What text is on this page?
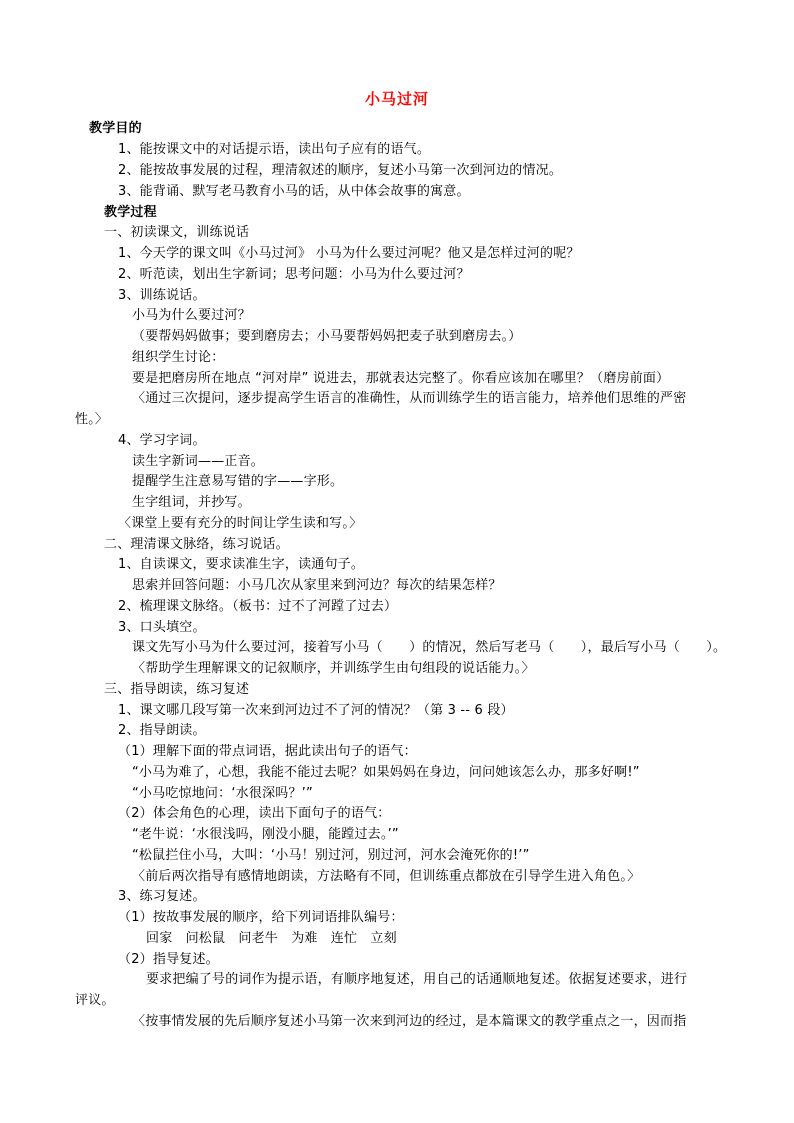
小马过河
教学目的
1、能按课文中的对话提示语，读出句子应有的语气。
2、能按故事发展的过程，理清叙述的顺序，复述小马第一次到河边的情况。
3、能背诵、默写老马教育小马的话，从中体会故事的寓意。
教学过程
一、初读课文，训练说话
1、今天学的课文叫《小马过河》 小马为什么要过河呢？他又是怎样过河的呢？
2、听范读，划出生字新词；思考问题：小马为什么要过河？
3、训练说话。
小马为什么要过河？
（要帮妈妈做事；要到磨房去；小马要帮妈妈把麦子驮到磨房去。）
组织学生讨论：
要是把磨房所在地点 “河对岸” 说进去，那就表达完整了。你看应该加在哪里？（磨房前面）
〈通过三次提问，逐步提高学生语言的准确性，从而训练学生的语言能力，培养他们思维的严密
性。〉
4、学习字词。
读生字新词——正音。
提醒学生注意易写错的字——字形。
生字组词，并抄写。
〈课堂上要有充分的时间让学生读和写。〉
二、理清课文脉络，练习说话。
1、自读课文，要求读准生字，读通句子。
思索并回答问题：小马几次从家里来到河边？每次的结果怎样？
2、梳理课文脉络。（板书：过不了河蹚了过去）
3、口头填空。
课文先写小马为什么要过河，接着写小马（　　）的情况，然后写老马（　　），最后写小马（　　）。
〈帮助学生理解课文的记叙顺序，并训练学生由句组段的说话能力。〉
三、指导朗读，练习复述
1、课文哪几段写第一次来到河边过不了河的情况？（第 3 -- 6 段）
2、指导朗读。
（1）理解下面的带点词语，据此读出句子的语气：
“小马为难了，心想，我能不能过去呢？如果妈妈在身边，问问她该怎么办，那多好啊!”
“小马吃惊地问：‘水很深吗？’”
（2）体会角色的心理，读出下面句子的语气：
“老牛说：‘水很浅吗，刚没小腿，能蹚过去。’”
“松鼠拦住小马，大叫：‘小马！别过河，别过河，河水会淹死你的!’”
〈前后两次指导有感情地朗读，方法略有不同，但训练重点都放在引导学生进入角色。〉
3、练习复述。
（1）按故事发展的顺序，给下列词语排队编号：
回家　问松鼠　问老牛　为难　连忙　立刻
（2）指导复述。
要求把编了号的词作为提示语，有顺序地复述，用自己的话通顺地复述。依据复述要求，进行
评议。
〈按事情发展的先后顺序复述小马第一次来到河边的经过，是本篇课文的教学重点之一，因而指
